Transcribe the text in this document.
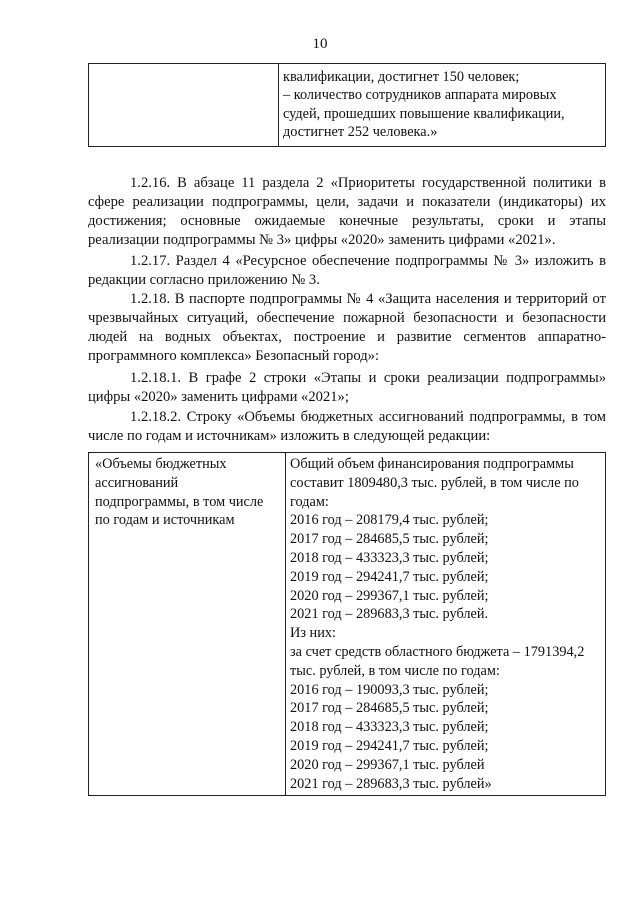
10

квалификации, достигнет 150 человек;
– количество сотрудников аппарата мировых
судей, прошедших повышение квалификации,
достигнет 252 человека.»
1.2.16. В абзаце 11 раздела 2 «Приоритеты государственной политики в сфере реализации подпрограммы, цели, задачи и показатели (индикаторы) их достижения; основные ожидаемые конечные результаты, сроки и этапы реализации подпрограммы № 3» цифры «2020» заменить цифрами «2021».
1.2.17. Раздел 4 «Ресурсное обеспечение подпрограммы № 3» изложить в редакции согласно приложению № 3.
1.2.18. В паспорте подпрограммы № 4 «Защита населения и территорий от чрезвычайных ситуаций, обеспечение пожарной безопасности и безопасности людей на водных объектах, построение и развитие сегментов аппаратно-программного комплекса» Безопасный город»:
1.2.18.1. В графе 2 строки «Этапы и сроки реализации подпрограммы» цифры «2020» заменить цифрами «2021»;
1.2.18.2. Строку «Объемы бюджетных ассигнований подпрограммы, в том числе по годам и источникам» изложить в следующей редакции:
«Объемы бюджетных
ассигнований
подпрограммы, в том числе
по годам и источникам

Общий объем финансирования подпрограммы
составит 1809480,3 тыс. рублей, в том числе по
годам:
2016 год – 208179,4 тыс. рублей;
2017 год – 284685,5 тыс. рублей;
2018 год – 433323,3 тыс. рублей;
2019 год – 294241,7 тыс. рублей;
2020 год – 299367,1 тыс. рублей;
2021 год – 289683,3 тыс. рублей.
Из них:
за счет средств областного бюджета – 1791394,2
тыс. рублей, в том числе по годам:
2016 год – 190093,3 тыс. рублей;
2017 год – 284685,5 тыс. рублей;
2018 год – 433323,3 тыс. рублей;
2019 год – 294241,7 тыс. рублей;
2020 год – 299367,1 тыс. рублей
2021 год – 289683,3 тыс. рублей»
